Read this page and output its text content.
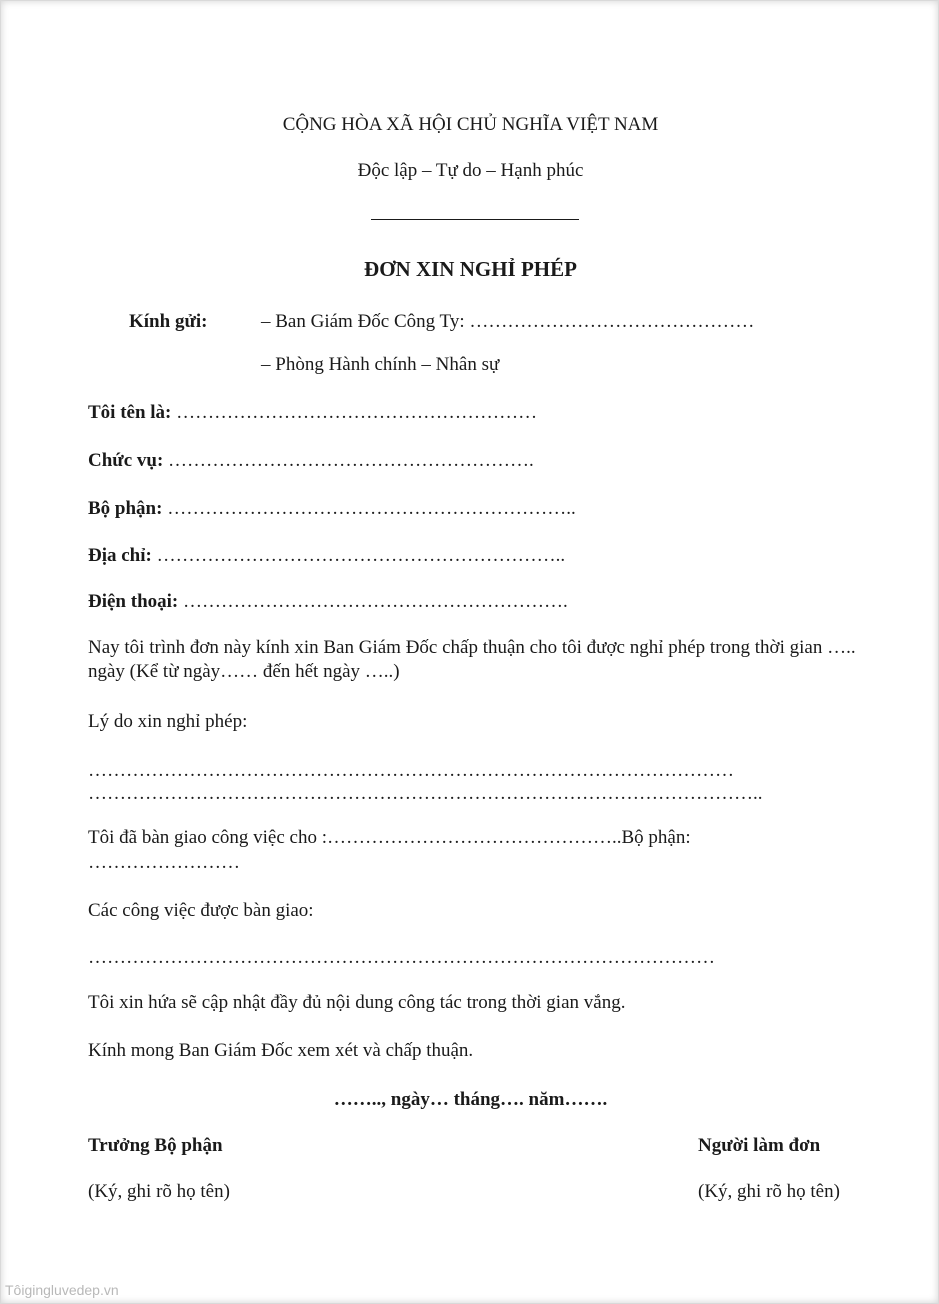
CỘNG HÒA XÃ HỘI CHỦ NGHĨA VIỆT NAM
Độc lập – Tự do – Hạnh phúc
ĐƠN XIN NGHỈ PHÉP
Kính gửi:	– Ban Giám Đốc Công Ty: ………………………………………
– Phòng Hành chính – Nhân sự
Tôi tên là: …………………………………………………
Chức vụ: ………………………………………………….
Bộ phận: ………………………………………………………..
Địa chỉ: ………………………………………………………..
Điện thoại: …………………………………………………….
Nay tôi trình đơn này kính xin Ban Giám Đốc chấp thuận cho tôi được nghỉ phép trong thời gian ….. ngày (Kể từ ngày…… đến hết ngày …..)
Lý do xin nghỉ phép:
…………………………………………………………………………………………
……………………………………………………………………………………………..
Tôi đã bàn giao công việc cho :………………………………………..Bộ phận:
……………………
Các công việc được bàn giao:
………………………………………………………………………………………
Tôi xin hứa sẽ cập nhật đầy đủ nội dung công tác trong thời gian vắng.
Kính mong Ban Giám Đốc xem xét và chấp thuận.
…….., ngày… tháng…. năm…….
Trưởng Bộ phận
(Ký, ghi rõ họ tên)
Người làm đơn
(Ký, ghi rõ họ tên)
Tôigingluvedep.vn
